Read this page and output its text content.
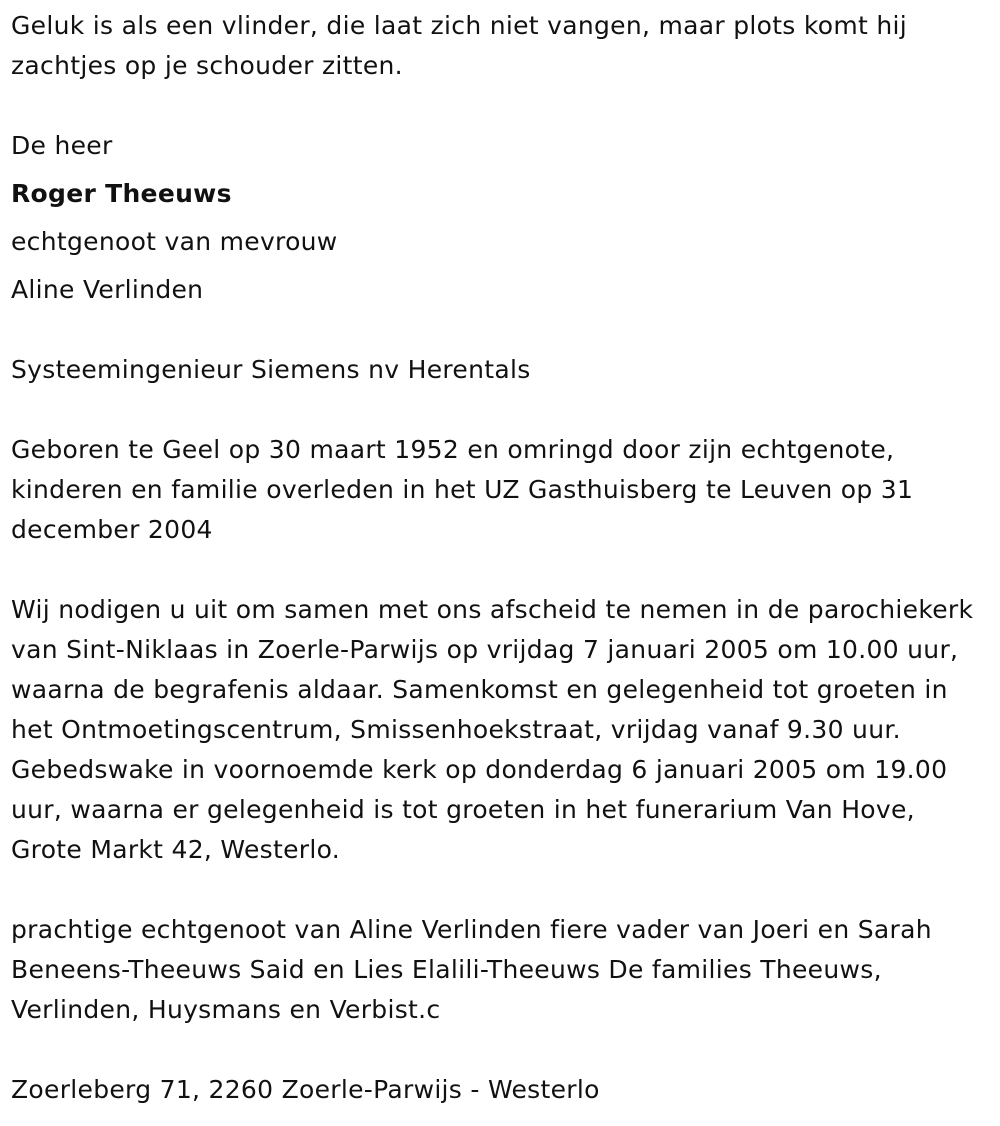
Geluk is als een vlinder, die laat zich niet vangen, maar plots komt hij zachtjes op je schouder zitten.

De heer

Roger Theeuws

echtgenoot van mevrouw

Aline Verlinden

Systeemingenieur Siemens nv Herentals

Geboren te Geel op 30 maart 1952 en omringd door zijn echtgenote, kinderen en familie overleden in het UZ Gasthuisberg te Leuven op 31 december 2004

Wij nodigen u uit om samen met ons afscheid te nemen in de parochiekerk van Sint-Niklaas in Zoerle-Parwijs op vrijdag 7 januari 2005 om 10.00 uur, waarna de begrafenis aldaar. Samenkomst en gelegenheid tot groeten in het Ontmoetingscentrum, Smissenhoekstraat, vrijdag vanaf 9.30 uur. Gebedswake in voornoemde kerk op donderdag 6 januari 2005 om 19.00 uur, waarna er gelegenheid is tot groeten in het funerarium Van Hove, Grote Markt 42, Westerlo.

prachtige echtgenoot van Aline Verlinden fiere vader van Joeri en Sarah Beneens-Theeuws Said en Lies Elalili-Theeuws De families Theeuws, Verlinden, Huysmans en Verbist.c

Zoerleberg 71, 2260 Zoerle-Parwijs - Westerlo
